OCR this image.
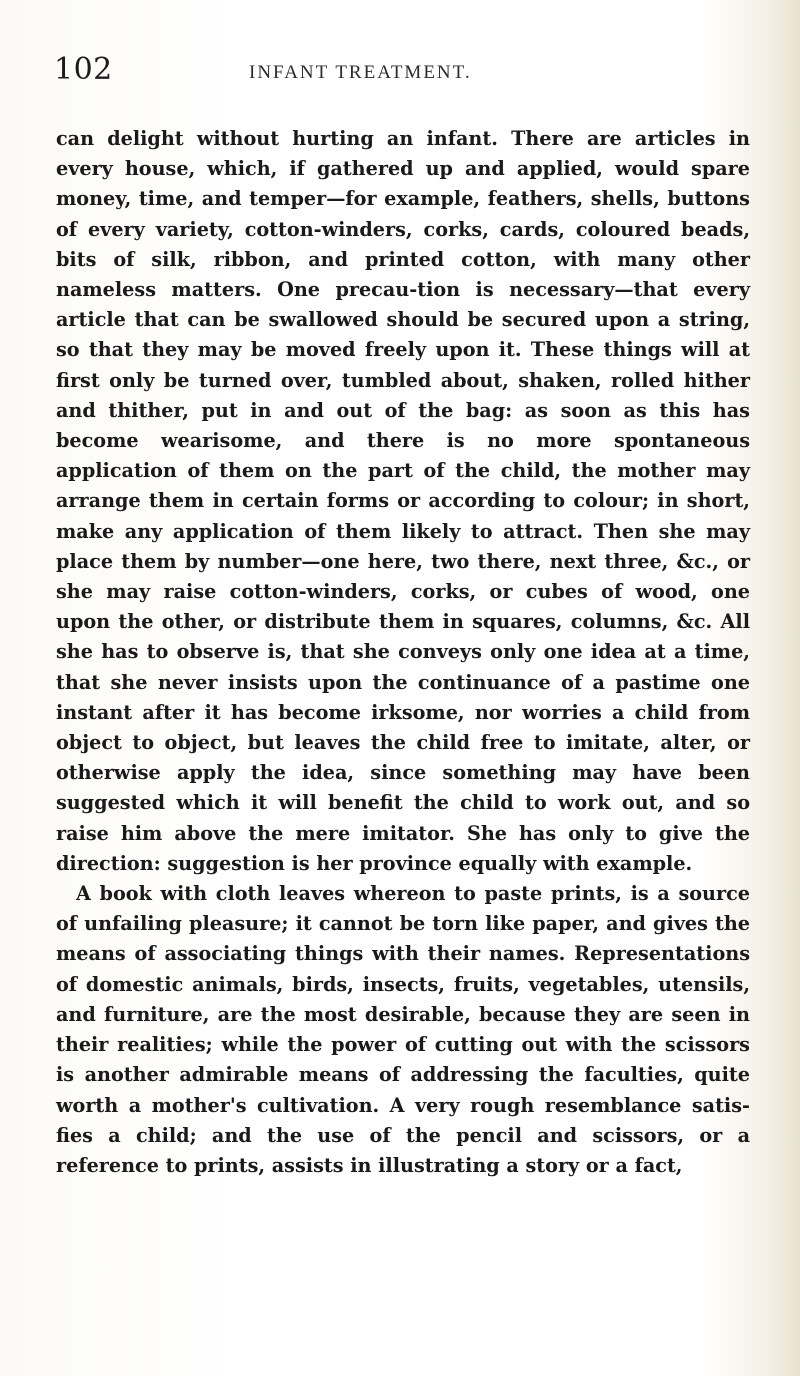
102	INFANT TREATMENT.

can delight without hurting an infant. There are articles in every house, which, if gathered up and applied, would spare money, time, and temper—for example, feathers, shells, buttons of every variety, cotton-winders, corks, cards, coloured beads, bits of silk, ribbon, and printed cotton, with many other nameless matters. One precau-tion is necessary—that every article that can be swallowed should be secured upon a string, so that they may be moved freely upon it. These things will at first only be turned over, tumbled about, shaken, rolled hither and thither, put in and out of the bag: as soon as this has become wearisome, and there is no more spontaneous application of them on the part of the child, the mother may arrange them in certain forms or according to colour; in short, make any application of them likely to attract. Then she may place them by number—one here, two there, next three, &c., or she may raise cotton-winders, corks, or cubes of wood, one upon the other, or distribute them in squares, columns, &c. All she has to observe is, that she conveys only one idea at a time, that she never insists upon the continuance of a pastime one instant after it has become irksome, nor worries a child from object to object, but leaves the child free to imitate, alter, or otherwise apply the idea, since something may have been suggested which it will benefit the child to work out, and so raise him above the mere imitator. She has only to give the direction: suggestion is her province equally with example.

A book with cloth leaves whereon to paste prints, is a source of unfailing pleasure; it cannot be torn like paper, and gives the means of associating things with their names. Representations of domestic animals, birds, insects, fruits, vegetables, utensils, and furniture, are the most desirable, because they are seen in their realities; while the power of cutting out with the scissors is another admirable means of addressing the faculties, quite worth a mother's cultivation. A very rough resemblance satis-fies a child; and the use of the pencil and scissors, or a reference to prints, assists in illustrating a story or a fact,
